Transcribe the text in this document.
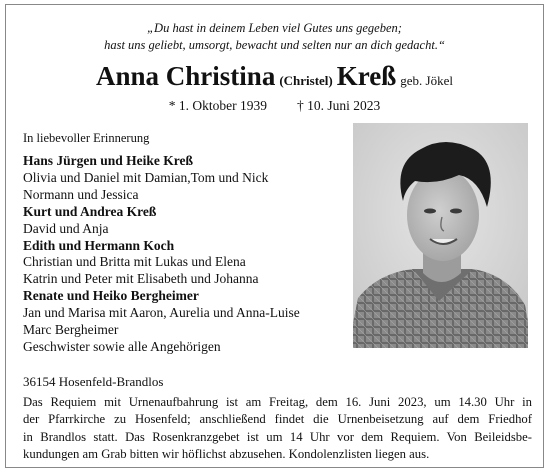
„Du hast in deinem Leben viel Gutes uns gegeben;
hast uns geliebt, umsorgt, bewacht und selten nur an dich gedacht.“
Anna Christina (Christel) Kreß geb. Jökel
* 1. Oktober 1939 † 10. Juni 2023
In liebevoller Erinnerung
Hans Jürgen und Heike Kreß
Olivia und Daniel mit Damian,Tom und Nick
Normann und Jessica
Kurt und Andrea Kreß
David und Anja
Edith und Hermann Koch
Christian und Britta mit Lukas und Elena
Katrin und Peter mit Elisabeth und Johanna
Renate und Heiko Bergheimer
Jan und Marisa mit Aaron, Aurelia und Anna-Luise
Marc Bergheimer
Geschwister sowie alle Angehörigen
36154 Hosenfeld-Brandlos
Das Requiem mit Urnenaufbahrung ist am Freitag, dem 16. Juni 2023, um 14.30 Uhr in
der Pfarrkirche zu Hosenfeld; anschließend findet die Urnenbeisetzung auf dem Friedhof
in Brandlos statt. Das Rosenkranzgebet ist um 14 Uhr vor dem Requiem. Von Beileidsbe-
kundungen am Grab bitten wir höflichst abzusehen. Kondolenzlisten liegen aus.
